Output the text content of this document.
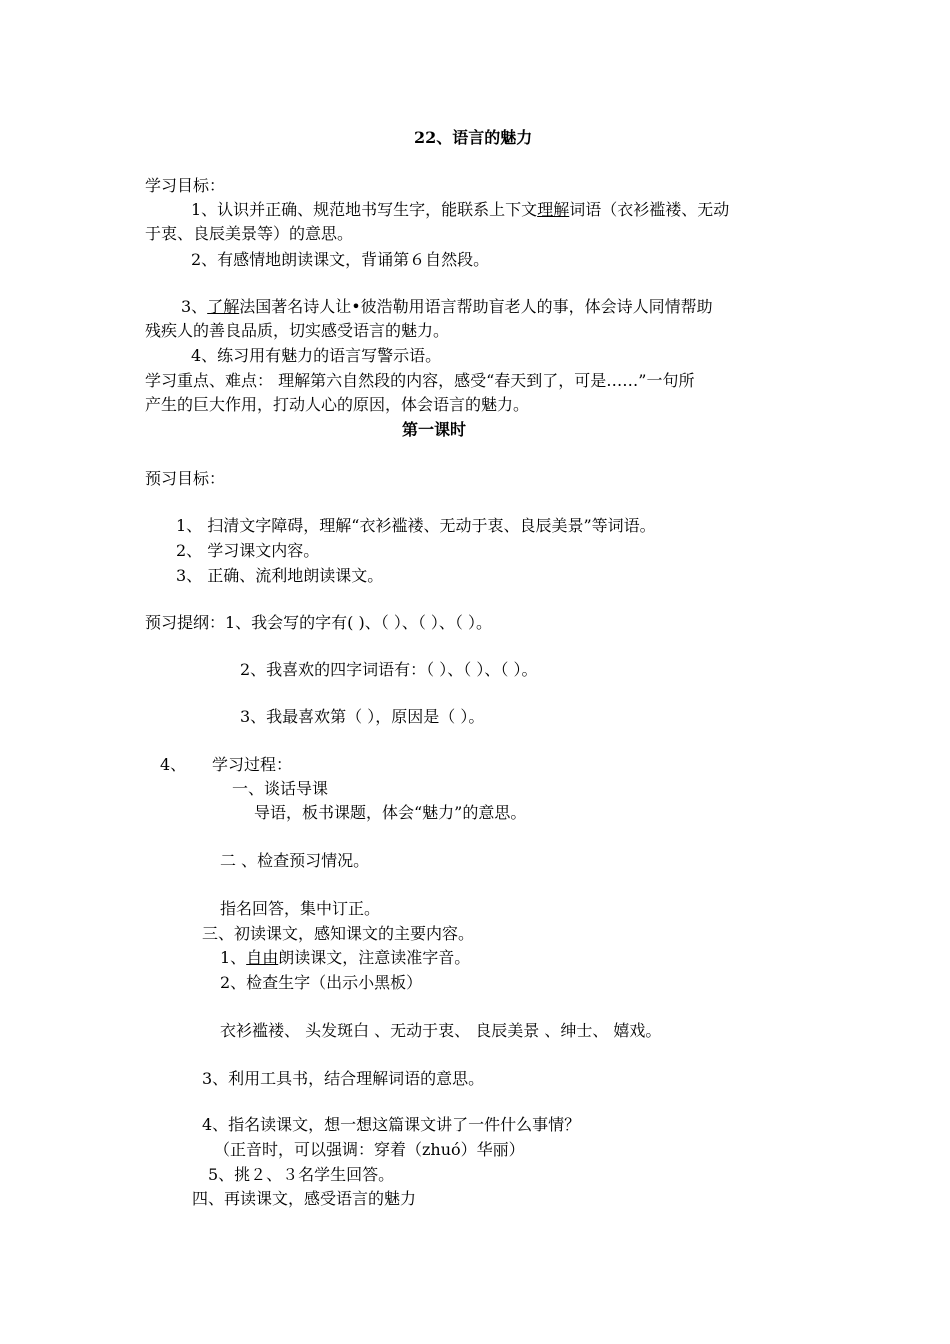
22、语言的魅力
学习目标：
1、认识并正确、规范地书写生字，能联系上下文理解词语（衣衫褴褛、无动
于衷、良辰美景等）的意思。
2、有感情地朗读课文，背诵第６自然段。
3、了解法国著名诗人让•彼浩勒用语言帮助盲老人的事，体会诗人同情帮助
残疾人的善良品质，切实感受语言的魅力。
4、练习用有魅力的语言写警示语。
学习重点、难点： 理解第六自然段的内容，感受“春天到了，可是……”一句所
产生的巨大作用，打动人心的原因，体会语言的魅力。
第一课时
预习目标：
1、 扫清文字障碍，理解“衣衫褴褛、无动于衷、良辰美景”等词语。
2、 学习课文内容。
3、 正确、流利地朗读课文。
预习提纲：1、我会写的字有( )、（ ）、（ ）、（ ）。
2、我喜欢的四字词语有：（ ）、（ ）、（ ）。
3、我最喜欢第（ ），原因是（ ）。
4、 学习过程：
一、谈话导课
导语，板书课题，体会“魅力”的意思。
二 、检查预习情况。
指名回答，集中订正。
三、初读课文，感知课文的主要内容。
1、自由朗读课文，注意读准字音。
2、检查生字（出示小黑板）
衣衫褴褛、 头发斑白 、无动于衷、 良辰美景 、绅士、 嬉戏。
3、利用工具书，结合理解词语的意思。
4、指名读课文，想一想这篇课文讲了一件什么事情？
（正音时，可以强调：穿着（zhuó）华丽）
5、挑２、３名学生回答。
四、再读课文，感受语言的魅力
